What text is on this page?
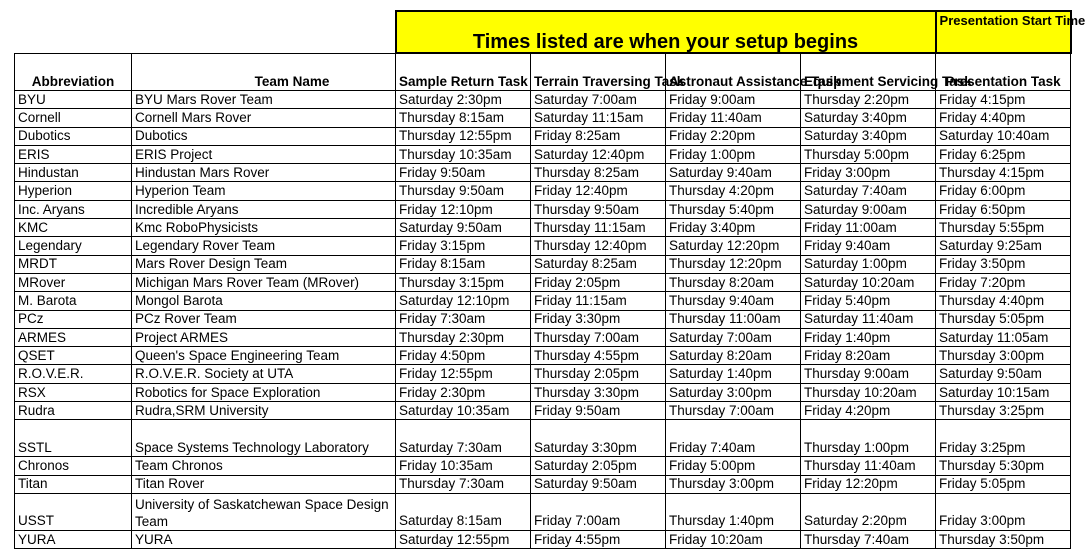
		Times listed are when your setup begins				Presentation Start Time
Abbreviation	Team Name	Sample Return Task	Terrain Traversing Task	Astronaut Assistance Task	Equipment Servicing Task	Presentation Task
BYU	BYU Mars Rover Team	Saturday 2:30pm	Saturday 7:00am	Friday 9:00am	Thursday 2:20pm	Friday 4:15pm
Cornell	Cornell Mars Rover	Thursday 8:15am	Saturday 11:15am	Friday 11:40am	Saturday 3:40pm	Friday 4:40pm
Dubotics	Dubotics	Thursday 12:55pm	Friday 8:25am	Friday 2:20pm	Saturday 3:40pm	Saturday 10:40am
ERIS	ERIS Project	Thursday 10:35am	Saturday 12:40pm	Friday 1:00pm	Thursday 5:00pm	Friday 6:25pm
Hindustan	Hindustan Mars Rover	Friday 9:50am	Thursday 8:25am	Saturday 9:40am	Friday 3:00pm	Thursday 4:15pm
Hyperion	Hyperion Team	Thursday 9:50am	Friday 12:40pm	Thursday 4:20pm	Saturday 7:40am	Friday 6:00pm
Inc. Aryans	Incredible Aryans	Friday 12:10pm	Thursday 9:50am	Thursday 5:40pm	Saturday 9:00am	Friday 6:50pm
KMC	Kmc RoboPhysicists	Saturday 9:50am	Thursday 11:15am	Friday 3:40pm	Friday 11:00am	Thursday 5:55pm
Legendary	Legendary Rover Team	Friday 3:15pm	Thursday 12:40pm	Saturday 12:20pm	Friday 9:40am	Saturday 9:25am
MRDT	Mars Rover Design Team	Friday 8:15am	Saturday 8:25am	Thursday 12:20pm	Saturday 1:00pm	Friday 3:50pm
MRover	Michigan Mars Rover Team (MRover)	Thursday 3:15pm	Friday 2:05pm	Thursday 8:20am	Saturday 10:20am	Friday 7:20pm
M. Barota	Mongol Barota	Saturday 12:10pm	Friday 11:15am	Thursday 9:40am	Friday 5:40pm	Thursday 4:40pm
PCz	PCz Rover Team	Friday 7:30am	Friday 3:30pm	Thursday 11:00am	Saturday 11:40am	Thursday 5:05pm
ARMES	Project ARMES	Thursday 2:30pm	Thursday 7:00am	Saturday 7:00am	Friday 1:40pm	Saturday 11:05am
QSET	Queen's Space Engineering Team	Friday 4:50pm	Thursday 4:55pm	Saturday 8:20am	Friday 8:20am	Thursday 3:00pm
R.O.V.E.R.	R.O.V.E.R. Society at UTA	Friday 12:55pm	Thursday 2:05pm	Saturday 1:40pm	Thursday 9:00am	Saturday 9:50am
RSX	Robotics for Space Exploration	Friday 2:30pm	Thursday 3:30pm	Saturday 3:00pm	Thursday 10:20am	Saturday 10:15am
Rudra	Rudra,SRM University	Saturday 10:35am	Friday 9:50am	Thursday 7:00am	Friday 4:20pm	Thursday 3:25pm
SSTL	Space Systems Technology Laboratory	Saturday 7:30am	Saturday 3:30pm	Friday 7:40am	Thursday 1:00pm	Friday 3:25pm
Chronos	Team Chronos	Friday 10:35am	Saturday 2:05pm	Friday 5:00pm	Thursday 11:40am	Thursday 5:30pm
Titan	Titan Rover	Thursday 7:30am	Saturday 9:50am	Thursday 3:00pm	Friday 12:20pm	Friday 5:05pm
USST	University of Saskatchewan Space Design Team	Saturday 8:15am	Friday 7:00am	Thursday 1:40pm	Saturday 2:20pm	Friday 3:00pm
YURA	YURA	Saturday 12:55pm	Friday 4:55pm	Friday 10:20am	Thursday 7:40am	Thursday 3:50pm
